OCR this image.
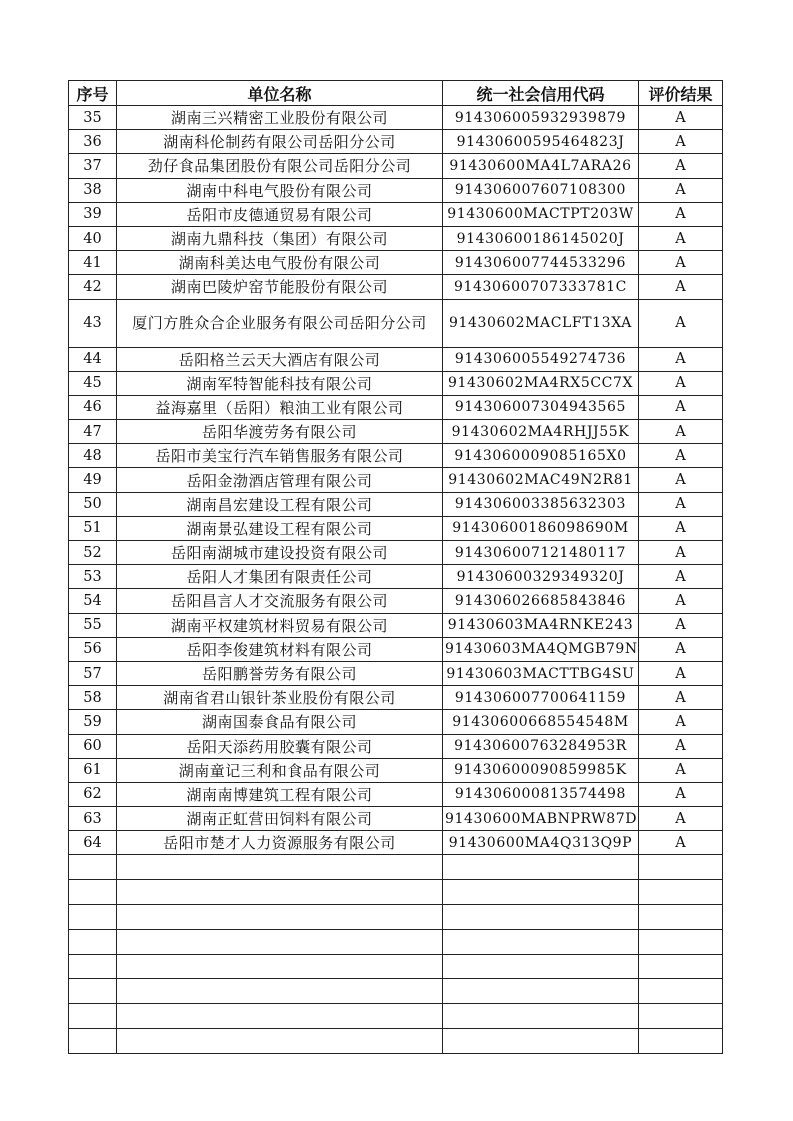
序号	单位名称	统一社会信用代码	评价结果
35	湖南三兴精密工业股份有限公司	914306005932939879	A
36	湖南科伦制药有限公司岳阳分公司	91430600595464823J	A
37	劲仔食品集团股份有限公司岳阳分公司	91430600MA4L7ARA26	A
38	湖南中科电气股份有限公司	914306007607108300	A
39	岳阳市皮德通贸易有限公司	91430600MACTPT203W	A
40	湖南九鼎科技（集团）有限公司	91430600186145020J	A
41	湖南科美达电气股份有限公司	914306007744533296	A
42	湖南巴陵炉窑节能股份有限公司	91430600707333781C	A
43	厦门方胜众合企业服务有限公司岳阳分公司	91430602MACLFT13XA	A
44	岳阳格兰云天大酒店有限公司	914306005549274736	A
45	湖南军特智能科技有限公司	91430602MA4RX5CC7X	A
46	益海嘉里（岳阳）粮油工业有限公司	914306007304943565	A
47	岳阳华渡劳务有限公司	91430602MA4RHJJ55K	A
48	岳阳市美宝行汽车销售服务有限公司	9143060009085165X0	A
49	岳阳金渤酒店管理有限公司	91430602MAC49N2R81	A
50	湖南昌宏建设工程有限公司	914306003385632303	A
51	湖南景弘建设工程有限公司	91430600186098690M	A
52	岳阳南湖城市建设投资有限公司	914306007121480117	A
53	岳阳人才集团有限责任公司	91430600329349320J	A
54	岳阳昌言人才交流服务有限公司	914306026685843846	A
55	湖南平权建筑材料贸易有限公司	91430603MA4RNKE243	A
56	岳阳李俊建筑材料有限公司	91430603MA4QMGB79N	A
57	岳阳鹏誉劳务有限公司	91430603MACTTBG4SU	A
58	湖南省君山银针茶业股份有限公司	914306007700641159	A
59	湖南国泰食品有限公司	91430600668554548M	A
60	岳阳天添药用胶囊有限公司	91430600763284953R	A
61	湖南童记三利和食品有限公司	91430600090859985K	A
62	湖南南博建筑工程有限公司	914306000813574498	A
63	湖南正虹营田饲料有限公司	91430600MABNPRW87D	A
64	岳阳市楚才人力资源服务有限公司	91430600MA4Q313Q9P	A
